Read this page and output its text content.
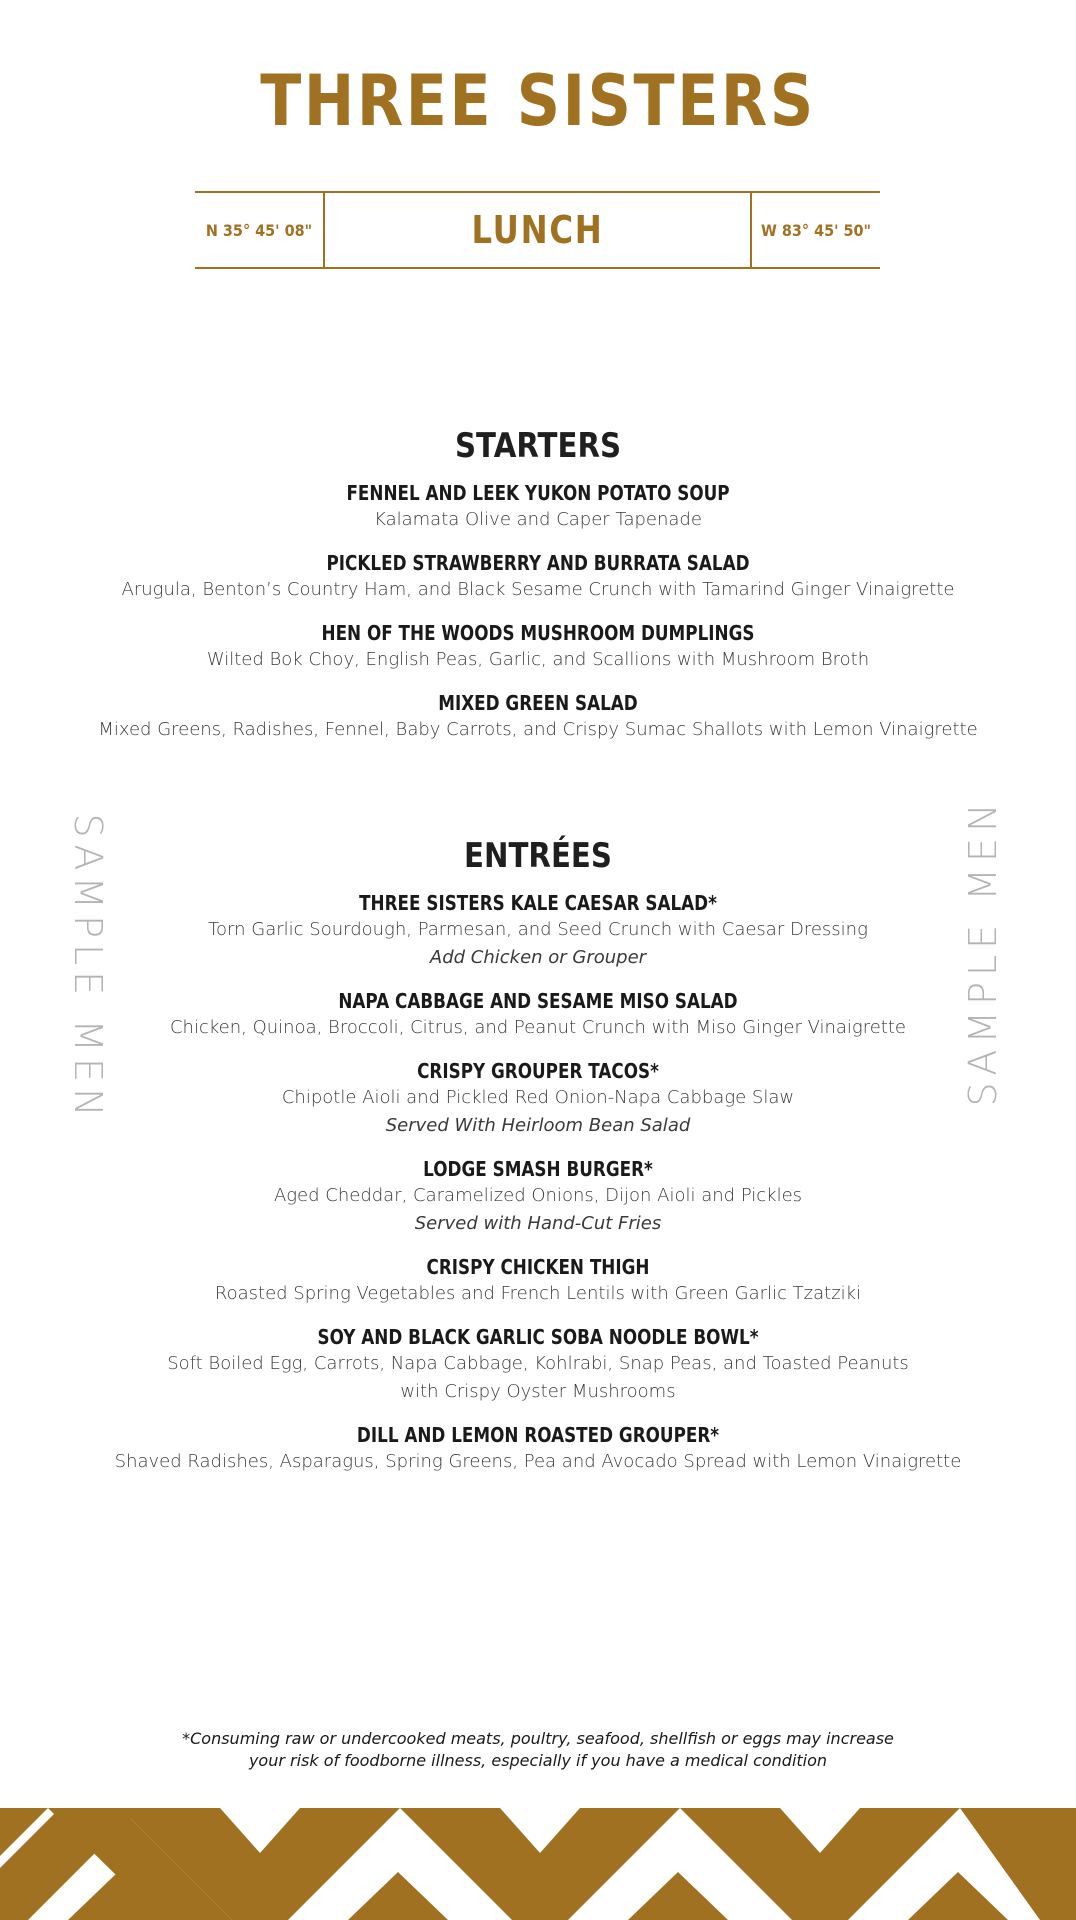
THREE SISTERS
N 35° 45' 08"	LUNCH	W 83° 45' 50"
SAMPLE MEN	SAMPLE MEN
STARTERS
FENNEL AND LEEK YUKON POTATO SOUP
Kalamata Olive and Caper Tapenade
PICKLED STRAWBERRY AND BURRATA SALAD
Arugula, Benton’s Country Ham, and Black Sesame Crunch with Tamarind Ginger Vinaigrette
HEN OF THE WOODS MUSHROOM DUMPLINGS
Wilted Bok Choy, English Peas, Garlic, and Scallions with Mushroom Broth
MIXED GREEN SALAD
Mixed Greens, Radishes, Fennel, Baby Carrots, and Crispy Sumac Shallots with Lemon Vinaigrette
ENTRÉES
THREE SISTERS KALE CAESAR SALAD*
Torn Garlic Sourdough, Parmesan, and Seed Crunch with Caesar Dressing
Add Chicken or Grouper
NAPA CABBAGE AND SESAME MISO SALAD
Chicken, Quinoa, Broccoli, Citrus, and Peanut Crunch with Miso Ginger Vinaigrette
CRISPY GROUPER TACOS*
Chipotle Aioli and Pickled Red Onion-Napa Cabbage Slaw
Served With Heirloom Bean Salad
LODGE SMASH BURGER*
Aged Cheddar, Caramelized Onions, Dijon Aioli and Pickles
Served with Hand-Cut Fries
CRISPY CHICKEN THIGH
Roasted Spring Vegetables and French Lentils with Green Garlic Tzatziki
SOY AND BLACK GARLIC SOBA NOODLE BOWL*
Soft Boiled Egg, Carrots, Napa Cabbage, Kohlrabi, Snap Peas, and Toasted Peanuts
with Crispy Oyster Mushrooms
DILL AND LEMON ROASTED GROUPER*
Shaved Radishes, Asparagus, Spring Greens, Pea and Avocado Spread with Lemon Vinaigrette
*Consuming raw or undercooked meats, poultry, seafood, shellfish or eggs may increase
your risk of foodborne illness, especially if you have a medical condition
